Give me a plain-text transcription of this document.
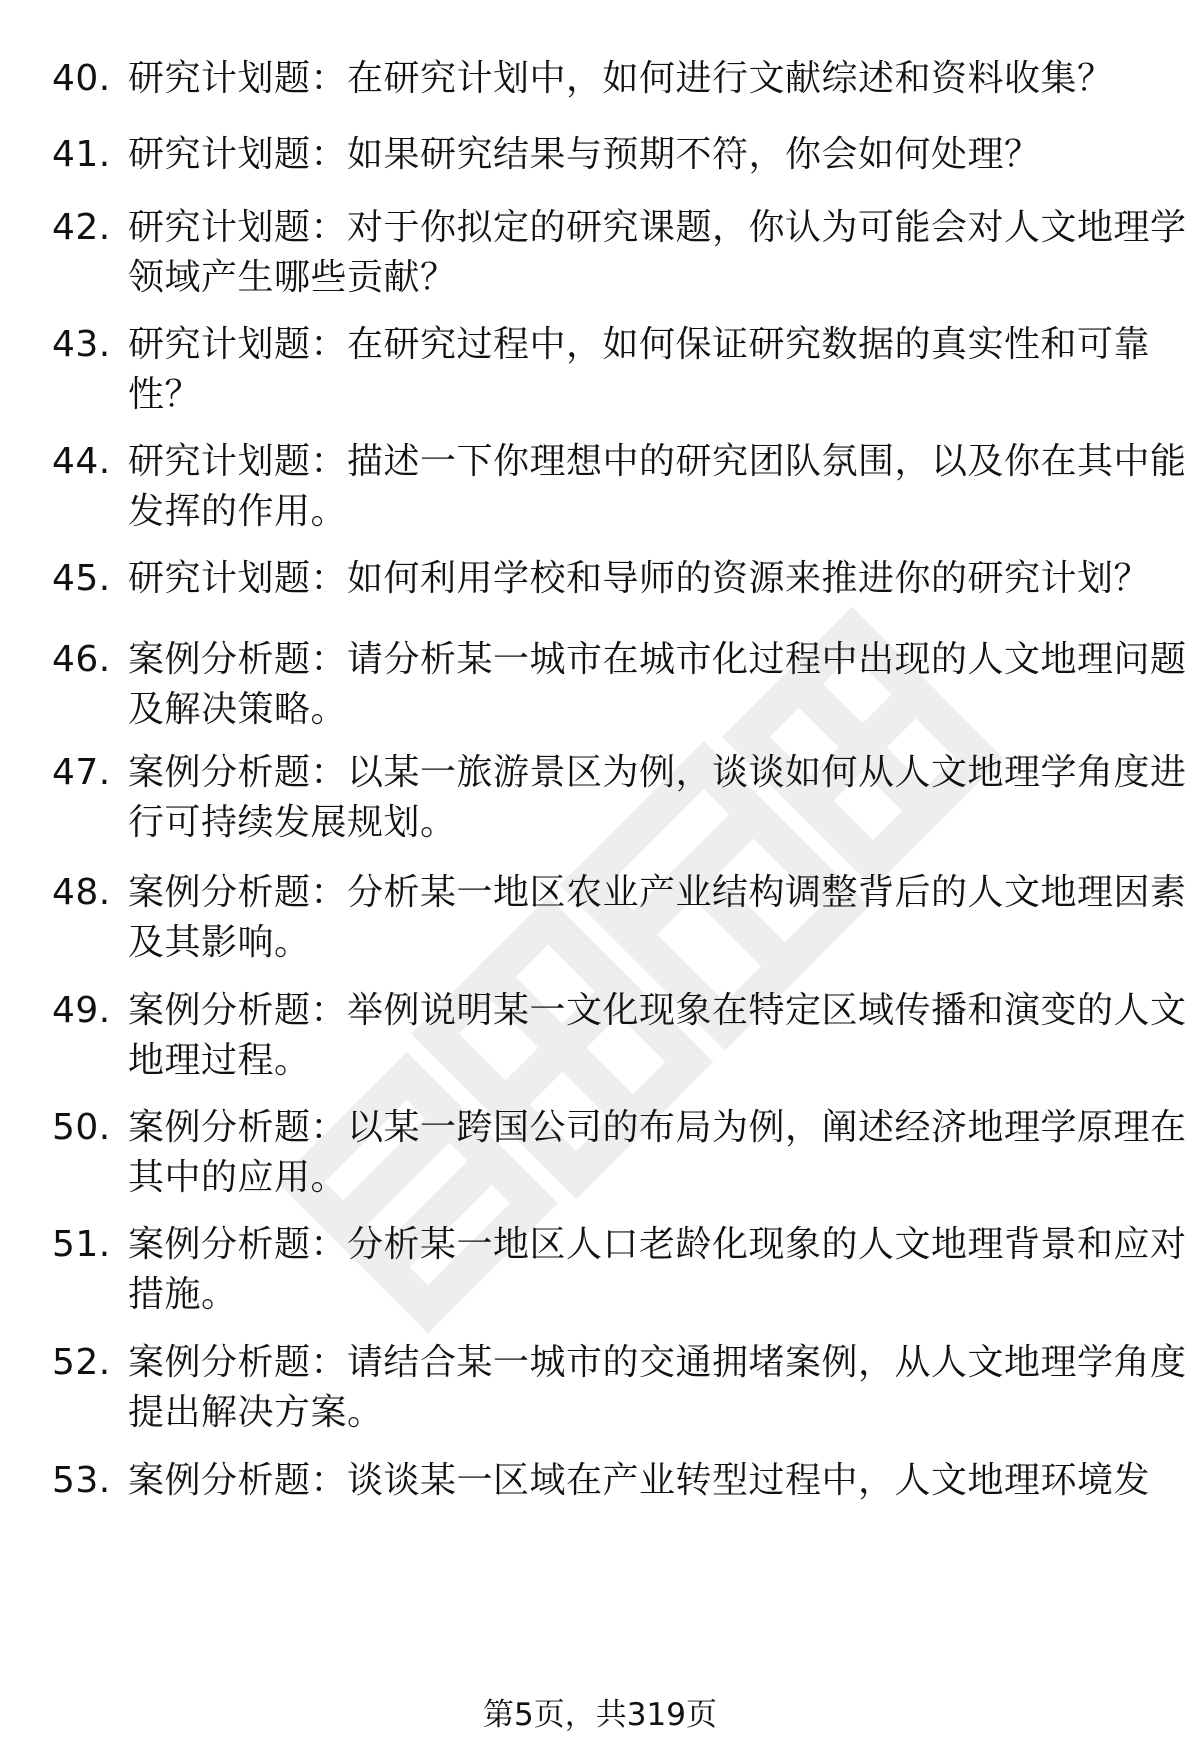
40. 研究计划题：在研究计划中，如何进行文献综述和资料收集？
41. 研究计划题：如果研究结果与预期不符，你会如何处理？
42. 研究计划题：对于你拟定的研究课题，你认为可能会对人文地理学领域产生哪些贡献？
43. 研究计划题：在研究过程中，如何保证研究数据的真实性和可靠性？
44. 研究计划题：描述一下你理想中的研究团队氛围，以及你在其中能发挥的作用。
45. 研究计划题：如何利用学校和导师的资源来推进你的研究计划？
46. 案例分析题：请分析某一城市在城市化过程中出现的人文地理问题及解决策略。
47. 案例分析题：以某一旅游景区为例，谈谈如何从人文地理学角度进行可持续发展规划。
48. 案例分析题：分析某一地区农业产业结构调整背后的人文地理因素及其影响。
49. 案例分析题：举例说明某一文化现象在特定区域传播和演变的人文地理过程。
50. 案例分析题：以某一跨国公司的布局为例，阐述经济地理学原理在其中的应用。
51. 案例分析题：分析某一地区人口老龄化现象的人文地理背景和应对措施。
52. 案例分析题：请结合某一城市的交通拥堵案例，从人文地理学角度提出解决方案。
53. 案例分析题：谈谈某一区域在产业转型过程中，人文地理环境发
第5页，共319页
